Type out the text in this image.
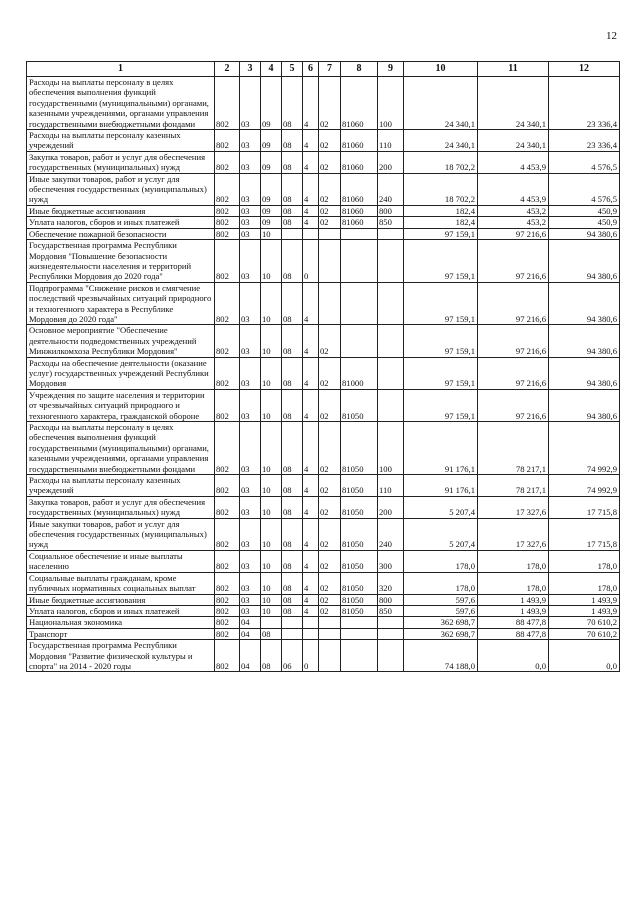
12
1	2	3	4	5	6	7	8	9	10	11	12
Расходы на выплаты персоналу в целях обеспечения выполнения функций государственными (муниципальными) органами, казенными учреждениями, органами управления государственными внебюджетными фондами	802	03	09	08	4	02	81060	100	24 340,1	24 340,1	23 336,4
Расходы на выплаты персоналу казенных учреждений	802	03	09	08	4	02	81060	110	24 340,1	24 340,1	23 336,4
Закупка товаров, работ и услуг для обеспечения государственных (муниципальных) нужд	802	03	09	08	4	02	81060	200	18 702,2	4 453,9	4 576,5
Иные закупки товаров, работ и услуг для обеспечения государственных (муниципальных) нужд	802	03	09	08	4	02	81060	240	18 702,2	4 453,9	4 576,5
Иные бюджетные ассигнования	802	03	09	08	4	02	81060	800	182,4	453,2	450,9
Уплата налогов, сборов и иных платежей	802	03	09	08	4	02	81060	850	182,4	453,2	450,9
Обеспечение пожарной безопасности	802	03	10						97 159,1	97 216,6	94 380,6
Государственная программа Республики Мордовия "Повышение безопасности жизнедеятельности населения и территорий Республики Мордовия до 2020 года"	802	03	10	08	0				97 159,1	97 216,6	94 380,6
Подпрограмма "Снижение рисков и смягчение последствий чрезвычайных ситуаций природного и техногенного характера в Республике Мордовия до 2020 года"	802	03	10	08	4				97 159,1	97 216,6	94 380,6
Основное мероприятие "Обеспечение деятельности подведомственных учреждений Минжилкомхоза Республики Мордовия"	802	03	10	08	4	02			97 159,1	97 216,6	94 380,6
Расходы на обеспечение деятельности (оказание услуг) государственных учреждений Республики Мордовия	802	03	10	08	4	02	81000		97 159,1	97 216,6	94 380,6
Учреждения по защите населения и территории от чрезвычайных ситуаций природного и техногенного характера, гражданской обороне	802	03	10	08	4	02	81050		97 159,1	97 216,6	94 380,6
Расходы на выплаты персоналу в целях обеспечения выполнения функций государственными (муниципальными) органами, казенными учреждениями, органами управления государственными внебюджетными фондами	802	03	10	08	4	02	81050	100	91 176,1	78 217,1	74 992,9
Расходы на выплаты персоналу казенных учреждений	802	03	10	08	4	02	81050	110	91 176,1	78 217,1	74 992,9
Закупка товаров, работ и услуг для обеспечения государственных (муниципальных) нужд	802	03	10	08	4	02	81050	200	5 207,4	17 327,6	17 715,8
Иные закупки товаров, работ и услуг для обеспечения государственных (муниципальных) нужд	802	03	10	08	4	02	81050	240	5 207,4	17 327,6	17 715,8
Социальное обеспечение и иные выплаты населению	802	03	10	08	4	02	81050	300	178,0	178,0	178,0
Социальные выплаты гражданам, кроме публичных нормативных социальных выплат	802	03	10	08	4	02	81050	320	178,0	178,0	178,0
Иные бюджетные ассигнования	802	03	10	08	4	02	81050	800	597,6	1 493,9	1 493,9
Уплата налогов, сборов и иных платежей	802	03	10	08	4	02	81050	850	597,6	1 493,9	1 493,9
Национальная экономика	802	04							362 698,7	88 477,8	70 610,2
Транспорт	802	04	08						362 698,7	88 477,8	70 610,2
Государственная программа Республики Мордовия "Развитие физической культуры и спорта" на 2014 - 2020 годы	802	04	08	06	0				74 188,0	0,0	0,0
